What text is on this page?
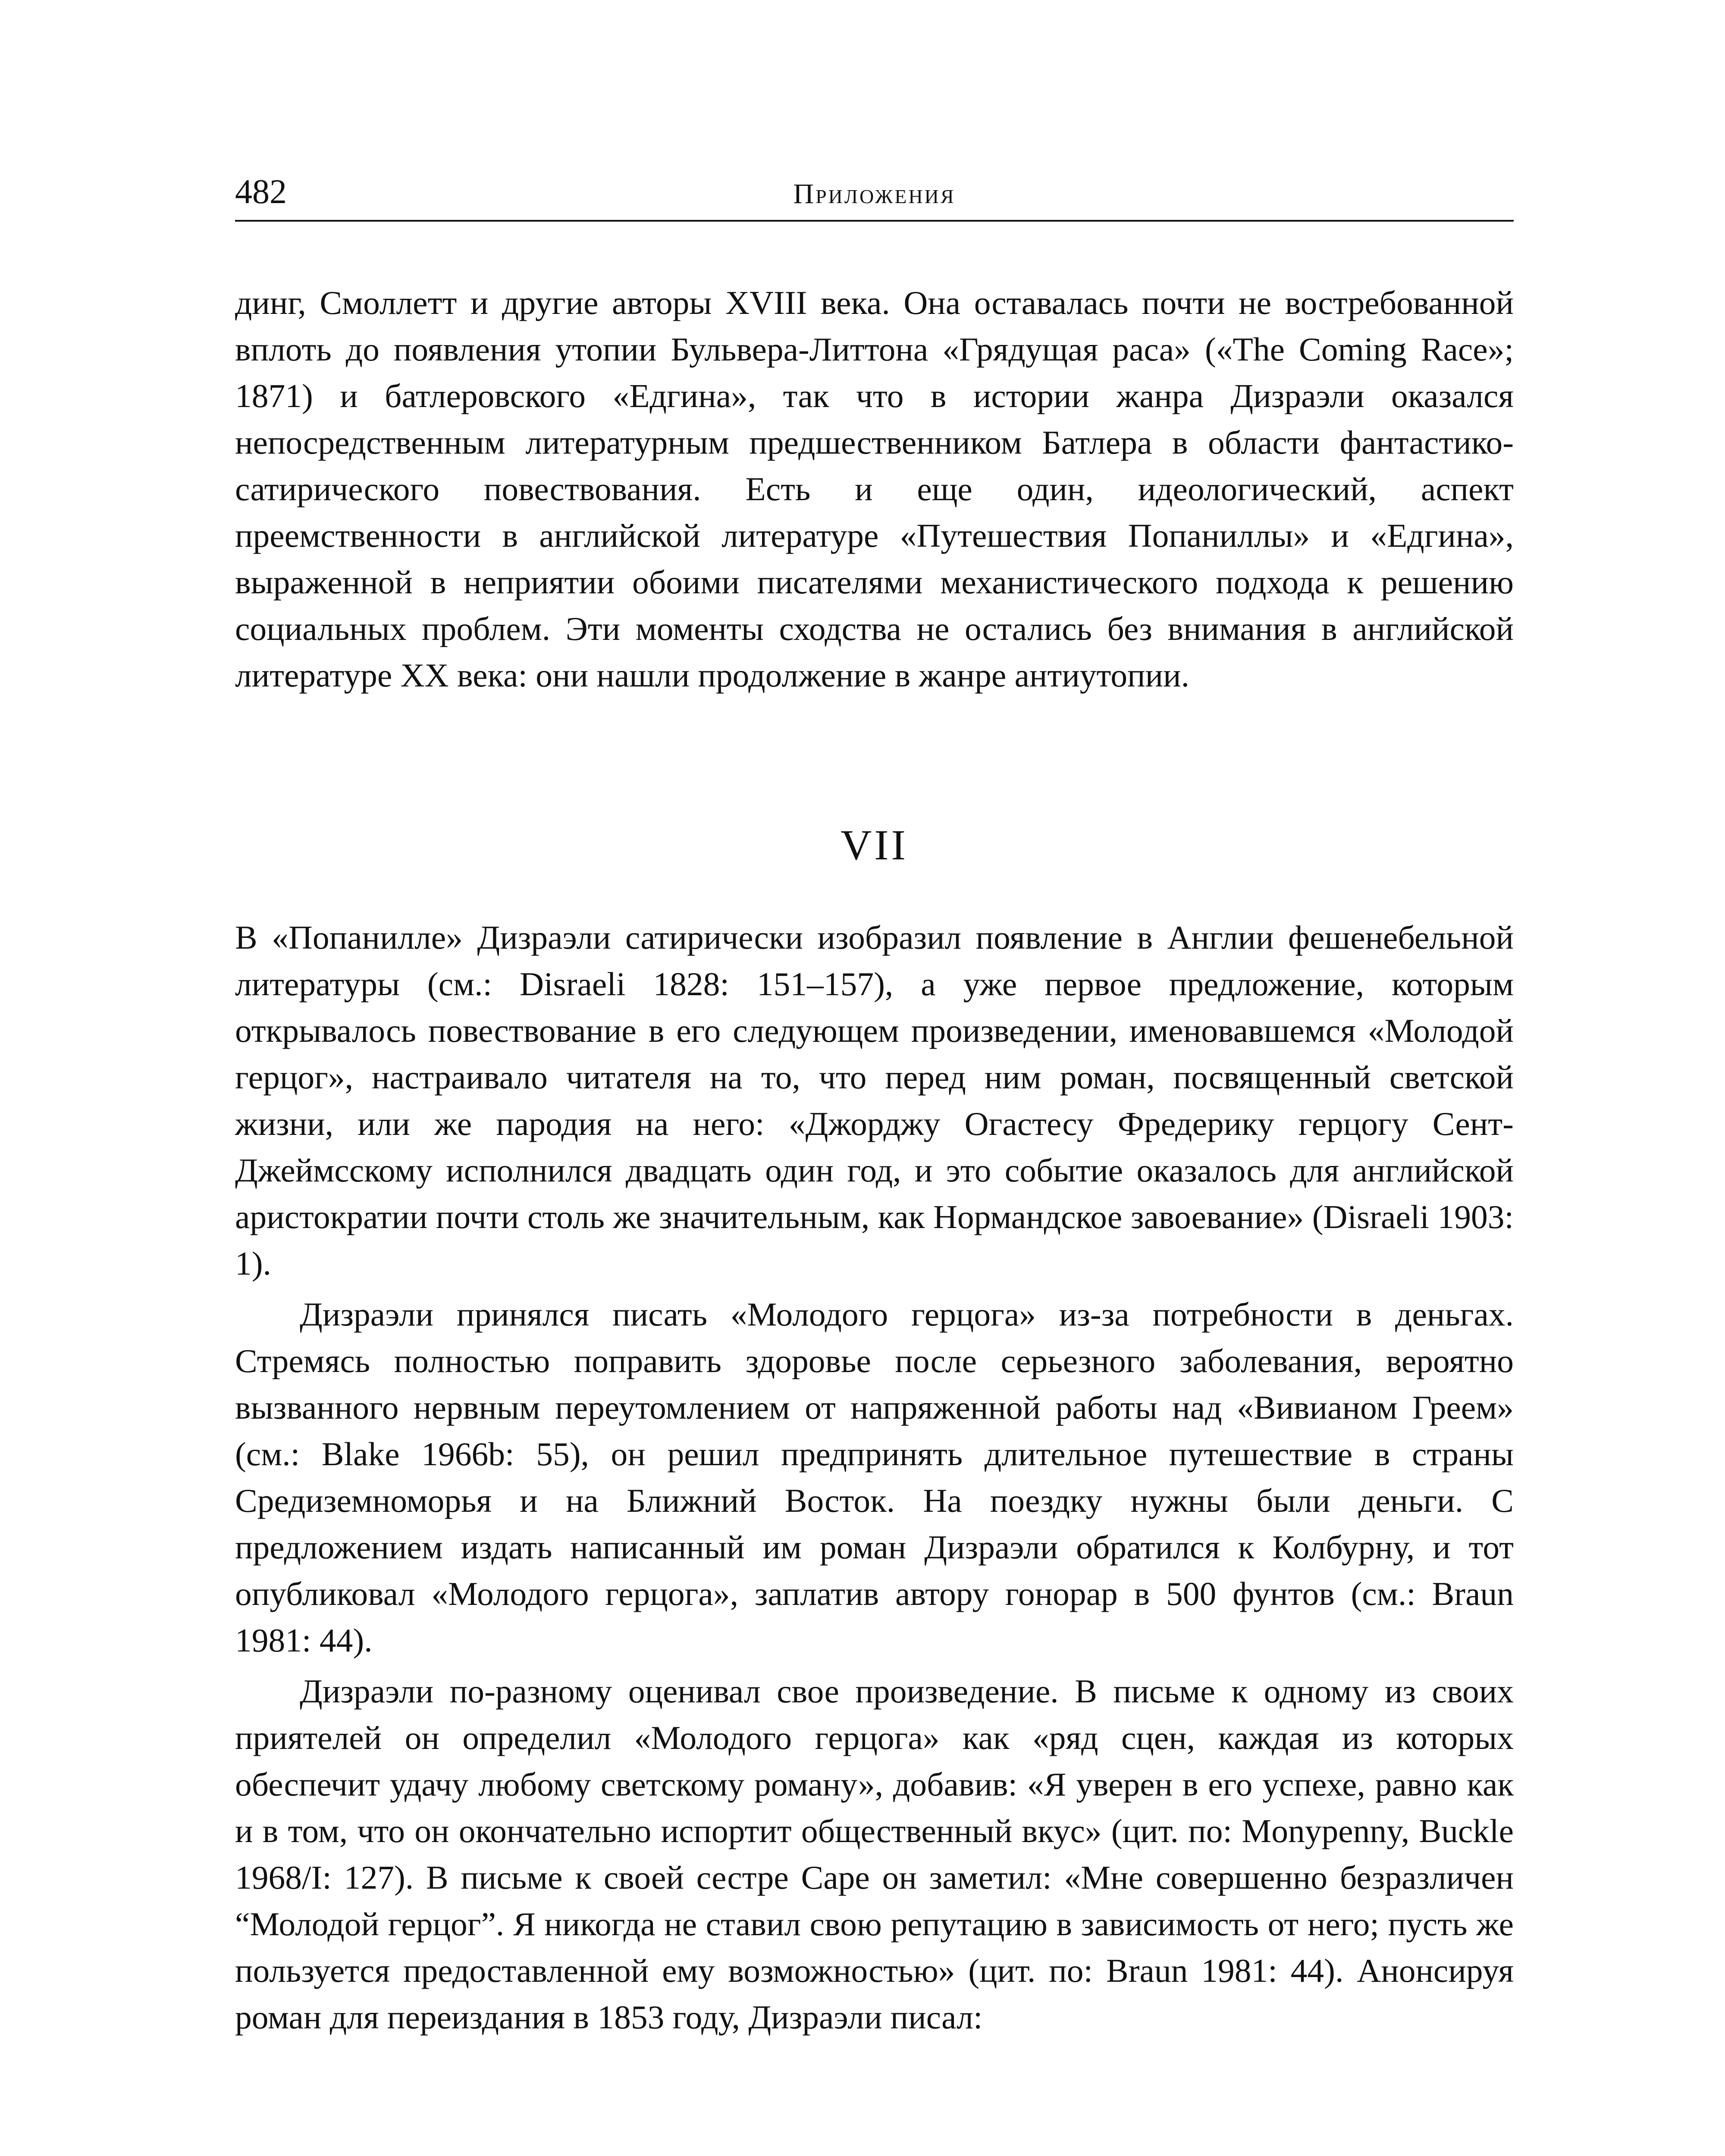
482	Приложения

динг, Смоллетт и другие авторы XVIII века. Она оставалась почти не востребованной вплоть до появления утопии Бульвера-Литтона «Грядущая раса» («The Coming Race»; 1871) и батлеровского «Едгина», так что в истории жанра Дизраэли оказался непосредственным литературным предшественником Батлера в области фантастико-сатирического повествования. Есть и еще один, идеологический, аспект преемственности в английской литературе «Путешествия Попаниллы» и «Едгина», выраженной в неприятии обоими писателями механистического подхода к решению социальных проблем. Эти моменты сходства не остались без внимания в английской литературе XX века: они нашли продолжение в жанре антиутопии.

VII

В «Попанилле» Дизраэли сатирически изобразил появление в Англии фешенебельной литературы (см.: Disraeli 1828: 151–157), а уже первое предложение, которым открывалось повествование в его следующем произведении, именовавшемся «Молодой герцог», настраивало читателя на то, что перед ним роман, посвященный светской жизни, или же пародия на него: «Джорджу Огастесу Фредерику герцогу Сент-Джеймсскому исполнился двадцать один год, и это событие оказалось для английской аристократии почти столь же значительным, как Нормандское завоевание» (Disraeli 1903: 1).

Дизраэли принялся писать «Молодого герцога» из-за потребности в деньгах. Стремясь полностью поправить здоровье после серьезного заболевания, вероятно вызванного нервным переутомлением от напряженной работы над «Вивианом Греем» (см.: Blake 1966b: 55), он решил предпринять длительное путешествие в страны Средиземноморья и на Ближний Восток. На поездку нужны были деньги. С предложением издать написанный им роман Дизраэли обратился к Колбурну, и тот опубликовал «Молодого герцога», заплатив автору гонорар в 500 фунтов (см.: Braun 1981: 44).

Дизраэли по-разному оценивал свое произведение. В письме к одному из своих приятелей он определил «Молодого герцога» как «ряд сцен, каждая из которых обеспечит удачу любому светскому роману», добавив: «Я уверен в его успехе, равно как и в том, что он окончательно испортит общественный вкус» (цит. по: Monypenny, Buckle 1968/I: 127). В письме к своей сестре Саре он заметил: «Мне совершенно безразличен “Молодой герцог”. Я никогда не ставил свою репутацию в зависимость от него; пусть же пользуется предоставленной ему возможностью» (цит. по: Braun 1981: 44). Анонсируя роман для переиздания в 1853 году, Дизраэли писал:
